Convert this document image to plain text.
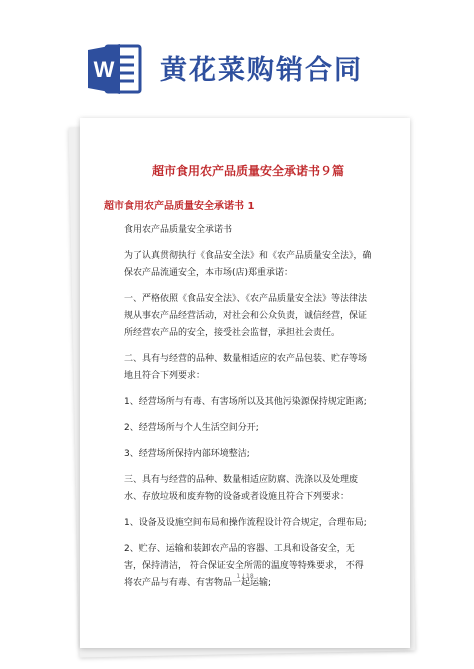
W 黄花菜购销合同
超市食用农产品质量安全承诺书９篇
超市食用农产品质量安全承诺书 1

食用农产品质量安全承诺书

为了认真贯彻执行《食品安全法》和《农产品质量安全法》，确保农产品流通安全，本市场(店)郑重承诺：

一、严格依照《食品安全法》、《农产品质量安全法》等法律法规从事农产品经营活动，对社会和公众负责，诚信经营，保证所经营农产品的安全，接受社会监督，承担社会责任。

二、具有与经营的品种、数量相适应的农产品包装、贮存等场地且符合下列要求：

1、经营场所与有毒、有害场所以及其他污染源保持规定距离;

2、经营场所与个人生活空间分开;

3、经营场所保持内部环境整洁;

三、具有与经营的品种、数量相适应防腐、洗涤以及处理废水、存放垃圾和废弃物的设备或者设施且符合下列要求：

1、设备及设施空间布局和操作流程设计符合规定，合理布局;

2、贮存、运输和装卸农产品的容器、工具和设备安全，无害，保持清洁， 符合保证安全所需的温度等特殊要求， 不得将农产品与有毒、有害物品一起运输;

1 / 18
